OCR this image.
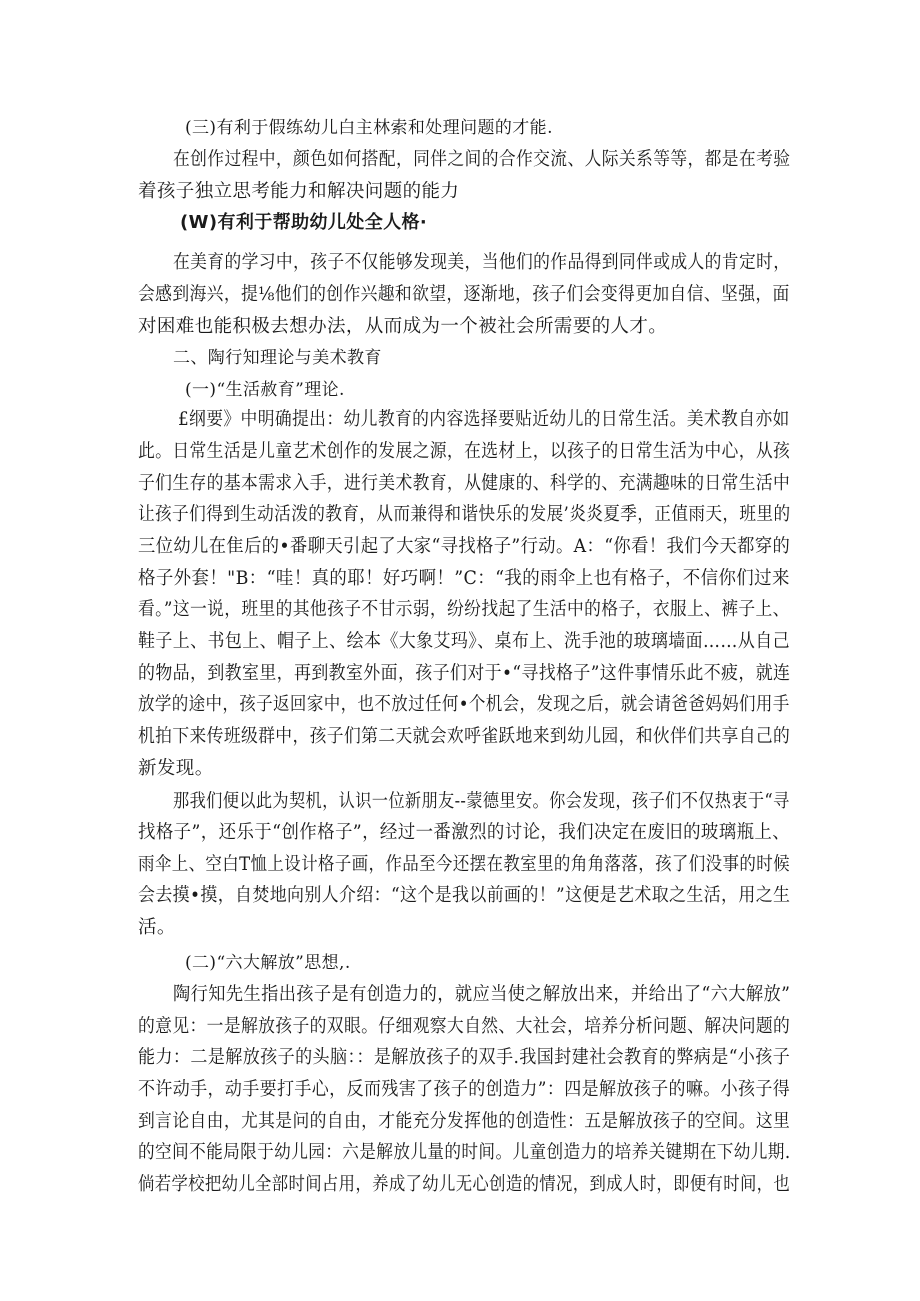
(三)有利于假练幼儿白主林索和处理问题的才能.
在创作过程中，颜色如何搭配，同伴之间的合作交流、人际关系等等，都是在考验
着孩子独立思考能力和解决问题的能力
(W)有利于帮助幼儿处全人格·
在美育的学习中，孩子不仅能够发现美，当他们的作品得到同伴或成人的肯定时，
会感到海兴，提⅛他们的创作兴趣和欲望，逐渐地，孩子们会变得更加自信、坚强，面
对困难也能积极去想办法，从而成为一个被社会所需要的人才。
二、陶行知理论与美术教育
(一)“生活赦育”理论.
£纲要》中明确提出：幼儿教育的内容选择要贴近幼儿的日常生活。美术教自亦如
此。日常生活是儿童艺术创作的发展之源，在选材上，以孩子的日常生活为中心，从孩
子们生存的基本需求入手，进行美术教育，从健康的、科学的、充满趣味的日常生活中
让孩子们得到生动活泼的教育，从而兼得和谐快乐的发展’炎炎夏季，正值雨天，班里的
三位幼儿在隹后的•番聊天引起了大家“寻找格子”行动。A：“你看！我们今天都穿的
格子外套！"B：“哇！真的耶！好巧啊！”C：“我的雨伞上也有格子，不信你们过来
看。”这一说，班里的其他孩子不甘示弱，纷纷找起了生活中的格子，衣服上、裤子上、
鞋子上、书包上、帽子上、绘本《大象艾玛》、桌布上、洗手池的玻璃墙面……从自己
的物品，到教室里，再到教室外面，孩子们对于•“寻找格子”这件事情乐此不疲，就连
放学的途中，孩子返回家中，也不放过任何•个机会，发现之后，就会请爸爸妈妈们用手
机拍下来传班级群中，孩子们第二天就会欢呼雀跃地来到幼儿园，和伙伴们共享自己的
新发现。
那我们便以此为契机，认识一位新朋友--蒙德里安。你会发现，孩子们不仅热衷于“寻
找格子”，还乐于“创作格子”，经过一番激烈的讨论，我们决定在废旧的玻璃瓶上、
雨伞上、空白T恤上设计格子画，作品至今还摆在教室里的角角落落，孩了们没事的时候
会去摸•摸，自焚地向别人介绍：“这个是我以前画的！”这便是艺术取之生活，用之生
活。
(二)“六大解放”思想,.
陶行知先生指出孩子是有创造力的，就应当使之解放出来，并给出了“六大解放”
的意见：一是解放孩子的双眼。仔细观察大自然、大社会，培养分析问题、解决问题的
能力：二是解放孩子的头脑：：是解放孩子的双手.我国封建社会教育的弊病是“小孩子
不许动手，动手要打手心，反而残害了孩子的创造力”：四是解放孩子的嘛。小孩子得
到言论自由，尤其是问的自由，才能充分发挥他的创造性：五是解放孩子的空间。这里
的空间不能局限于幼儿园：六是解放儿量的时间。儿童创造力的培养关键期在下幼儿期.
倘若学校把幼儿全部时间占用，养成了幼儿无心创造的情况，到成人时，即便有时间，也
